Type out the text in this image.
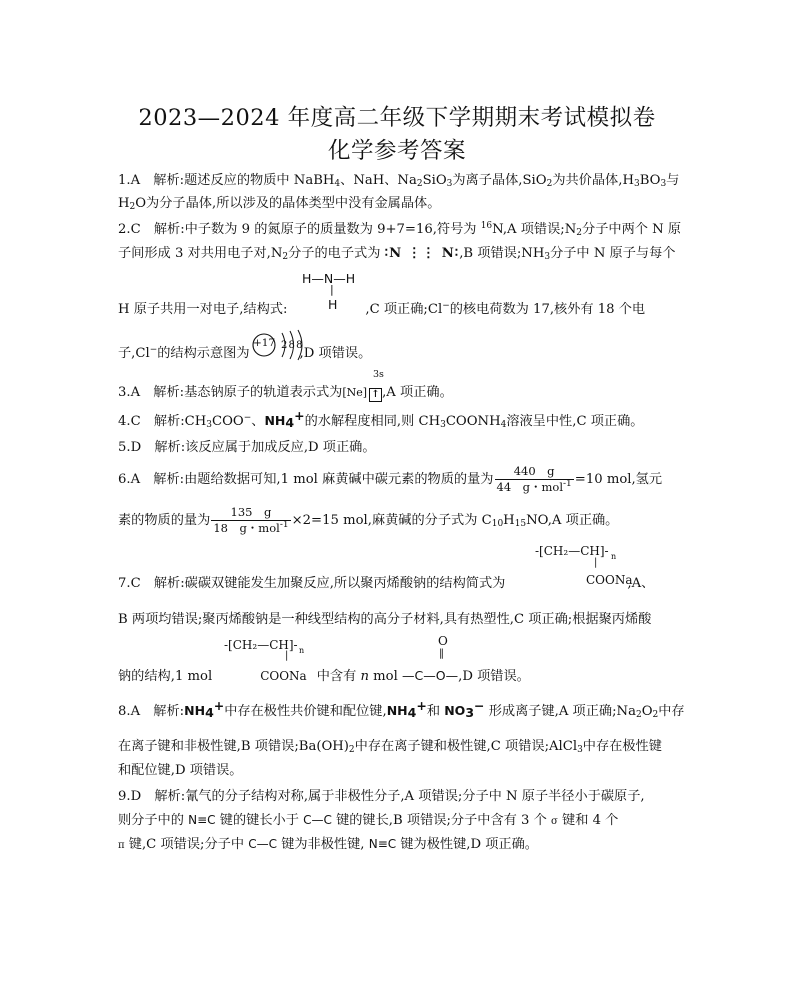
2023—2024 年度高二年级下学期期末考试模拟卷
化学参考答案
1.A　解析:题述反应的物质中 NaBH$_4$、NaH、$Na_2SiO_3$为离子晶体,SiO$_2$为共价晶体$,H_3BO_3$与
$H_2O$为分子晶体,所以涉及的晶体类型中没有金属晶体。
2.C　解析:中子数为 9 的氮原子的质量数为 9+7=16,符号为 $^{16}$N,A 项错误$;N_2$分子中两个 N 原
子间形成 3 对共用电子对$,N_2$分子的电子式为 ∶N ⋮⋮ N∶,B 项错误$;NH_3$分子中 N 原子与每个
H—N—H
|
H
H 原子共用一对电子,结构式:	,C 项正确;Cl−的核电荷数为 17,核外有 18 个电
子,Cl−的结构示意图为	,D 项错误。
+17 2 8 8
3s
3.A　解析:基态钠原子的轨道表示式为[Ne] ↑ ,A 项正确。
4.C　解析$:CH_3COO^-$、$NH_4^+$的水解程度相同,则 $CH_3COONH_4$溶液呈中性,C 项正确。
5.D　解析:该反应属于加成反应,D 项正确。
6.A　解析:由题给数据可知,1 mol 麻黄碱中碳元素的物质的量为 $\frac{440 g}{44 g・mol^{-1}} =10$ mol,氢元
素的物质的量为 $\frac{135 g}{18 g・mol^{-1}} \times 2=15$ mol,麻黄碱的分子式为 $C_{10}H_{15}NO,A$ 项正确。
-[CH₂—CH]- n
|
COONa
7.C　解析:碳碳双键能发生加聚反应,所以聚丙烯酸钠的结构简式为	,A、
B 两项均错误;聚丙烯酸钠是一种线型结构的高分子材料,具有热塑性,C 项正确;根据聚丙烯酸
-[CH₂—CH]- n
|
O
‖
钠的结构,1 mol	COONa 中含有 n mol —C—O—,D 项错误。
8.A　解析$:NH_4^+$中存在极性共价键和配位键$,NH_4^+$和 $NO_3^-$ 形成离子键,A 项正确$;Na_2O_2$中存
在离子键和非极性键,B 项错误$;Ba(OH)_2$中存在离子键和极性键,C 项错误;AlCl$_3$中存在极性键
和配位键,D 项错误。
9.D　解析:氰气的分子结构对称,属于非极性分子,A 项错误;分子中 N 原子半径小于碳原子,
则分子中的 N≡C 键的键长小于 C—C 键的键长,B 项错误;分子中含有 3 个 σ 键和 4 个
π 键,C 项错误;分子中 C—C 键为非极性键, N≡C 键为极性键,D 项正确。
